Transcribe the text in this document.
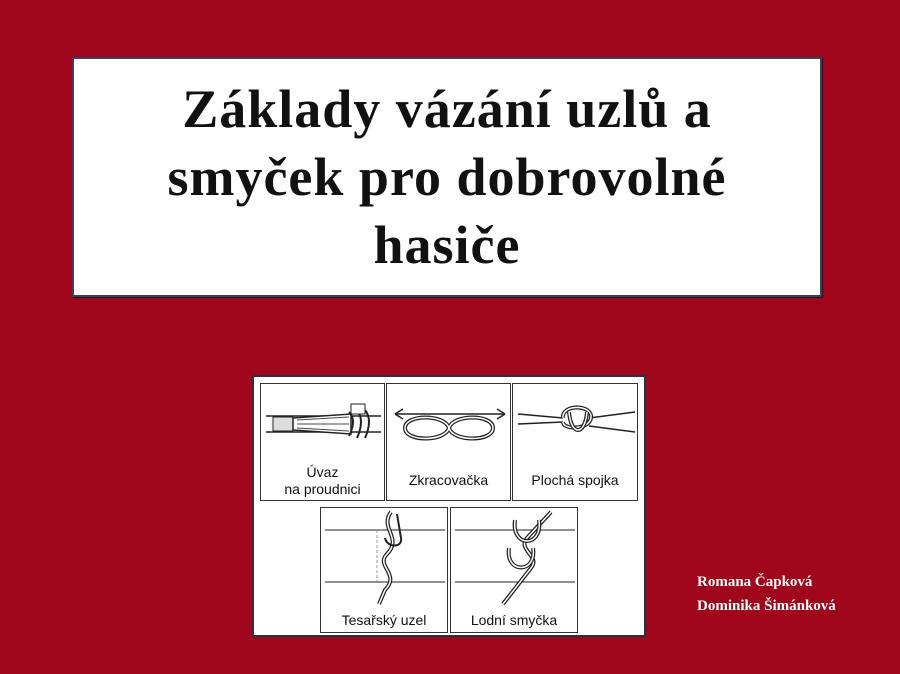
Základy vázání uzlů a
smyček pro dobrovolné
hasiče
Úvaz
na proudnici
Zkracovačka	Plochá spojka
Tesařský uzel	Lodní smyčka
Romana Čapková
Dominika Šimánková
